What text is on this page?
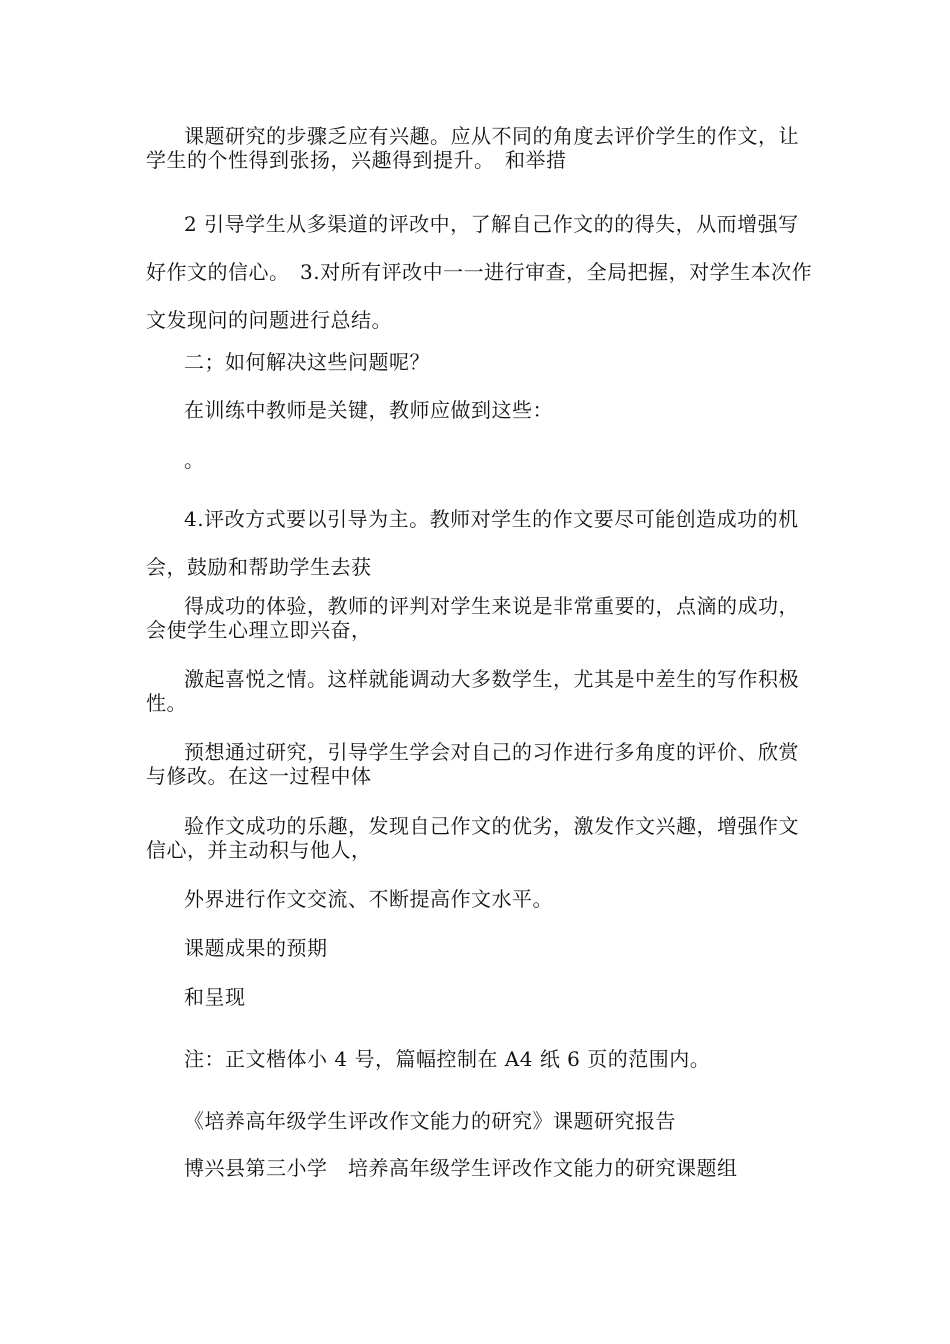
课题研究的步骤乏应有兴趣。应从不同的角度去评价学生的作文，让学生的个性得到张扬，兴趣得到提升。　和举措
2 引导学生从多渠道的评改中，了解自己作文的的得失，从而增强写好作文的信心。　3.对所有评改中一一进行审查，全局把握，对学生本次作文发现问的问题进行总结。
二；如何解决这些问题呢？
在训练中教师是关键，教师应做到这些：
。
4.评改方式要以引导为主。教师对学生的作文要尽可能创造成功的机会，鼓励和帮助学生去获
得成功的体验，教师的评判对学生来说是非常重要的，点滴的成功，会使学生心理立即兴奋，
激起喜悦之情。这样就能调动大多数学生，尤其是中差生的写作积极性。
预想通过研究，引导学生学会对自己的习作进行多角度的评价、欣赏与修改。在这一过程中体
验作文成功的乐趣，发现自己作文的优劣，激发作文兴趣，增强作文信心，并主动积与他人，
外界进行作文交流、不断提高作文水平。
课题成果的预期
和呈现
注：正文楷体小 4 号，篇幅控制在 A4 纸 6 页的范围内。
《培养高年级学生评改作文能力的研究》课题研究报告
博兴县第三小学　培养高年级学生评改作文能力的研究课题组
